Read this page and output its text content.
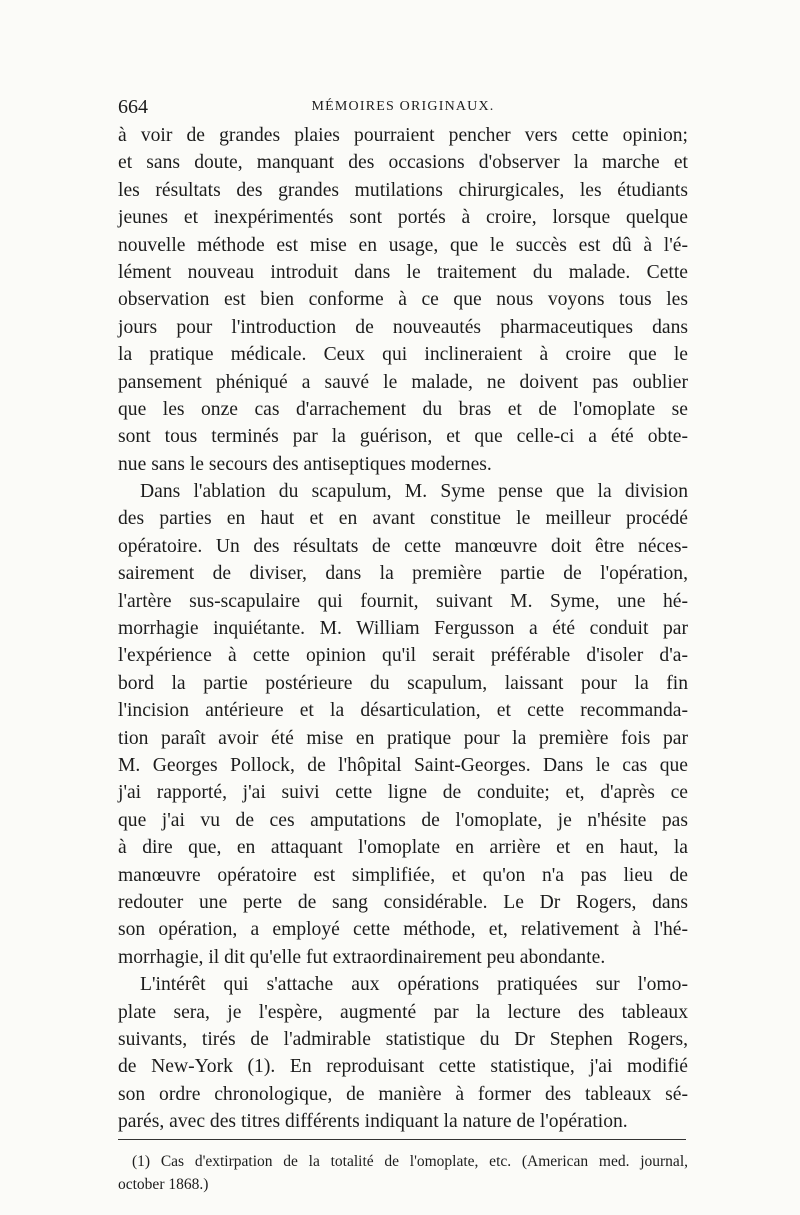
664	MÉMOIRES ORIGINAUX.
à voir de grandes plaies pourraient pencher vers cette opinion;
et sans doute, manquant des occasions d'observer la marche et
les résultats des grandes mutilations chirurgicales, les étudiants
jeunes et inexpérimentés sont portés à croire, lorsque quelque
nouvelle méthode est mise en usage, que le succès est dû à l'é-
lément nouveau introduit dans le traitement du malade. Cette
observation est bien conforme à ce que nous voyons tous les
jours pour l'introduction de nouveautés pharmaceutiques dans
la pratique médicale. Ceux qui inclineraient à croire que le
pansement phéniqué a sauvé le malade, ne doivent pas oublier
que les onze cas d'arrachement du bras et de l'omoplate se
sont tous terminés par la guérison, et que celle-ci a été obte-
nue sans le secours des antiseptiques modernes.
Dans l'ablation du scapulum, M. Syme pense que la division
des parties en haut et en avant constitue le meilleur procédé
opératoire. Un des résultats de cette manœuvre doit être néces-
sairement de diviser, dans la première partie de l'opération,
l'artère sus-scapulaire qui fournit, suivant M. Syme, une hé-
morrhagie inquiétante. M. William Fergusson a été conduit par
l'expérience à cette opinion qu'il serait préférable d'isoler d'a-
bord la partie postérieure du scapulum, laissant pour la fin
l'incision antérieure et la désarticulation, et cette recommanda-
tion paraît avoir été mise en pratique pour la première fois par
M. Georges Pollock, de l'hôpital Saint-Georges. Dans le cas que
j'ai rapporté, j'ai suivi cette ligne de conduite; et, d'après ce
que j'ai vu de ces amputations de l'omoplate, je n'hésite pas
à dire que, en attaquant l'omoplate en arrière et en haut, la
manœuvre opératoire est simplifiée, et qu'on n'a pas lieu de
redouter une perte de sang considérable. Le Dr Rogers, dans
son opération, a employé cette méthode, et, relativement à l'hé-
morrhagie, il dit qu'elle fut extraordinairement peu abondante.
L'intérêt qui s'attache aux opérations pratiquées sur l'omo-
plate sera, je l'espère, augmenté par la lecture des tableaux
suivants, tirés de l'admirable statistique du Dr Stephen Rogers,
de New-York (1). En reproduisant cette statistique, j'ai modifié
son ordre chronologique, de manière à former des tableaux sé-
parés, avec des titres différents indiquant la nature de l'opération.
(1) Cas d'extirpation de la totalité de l'omoplate, etc. (American med. journal,
october 1868.)
